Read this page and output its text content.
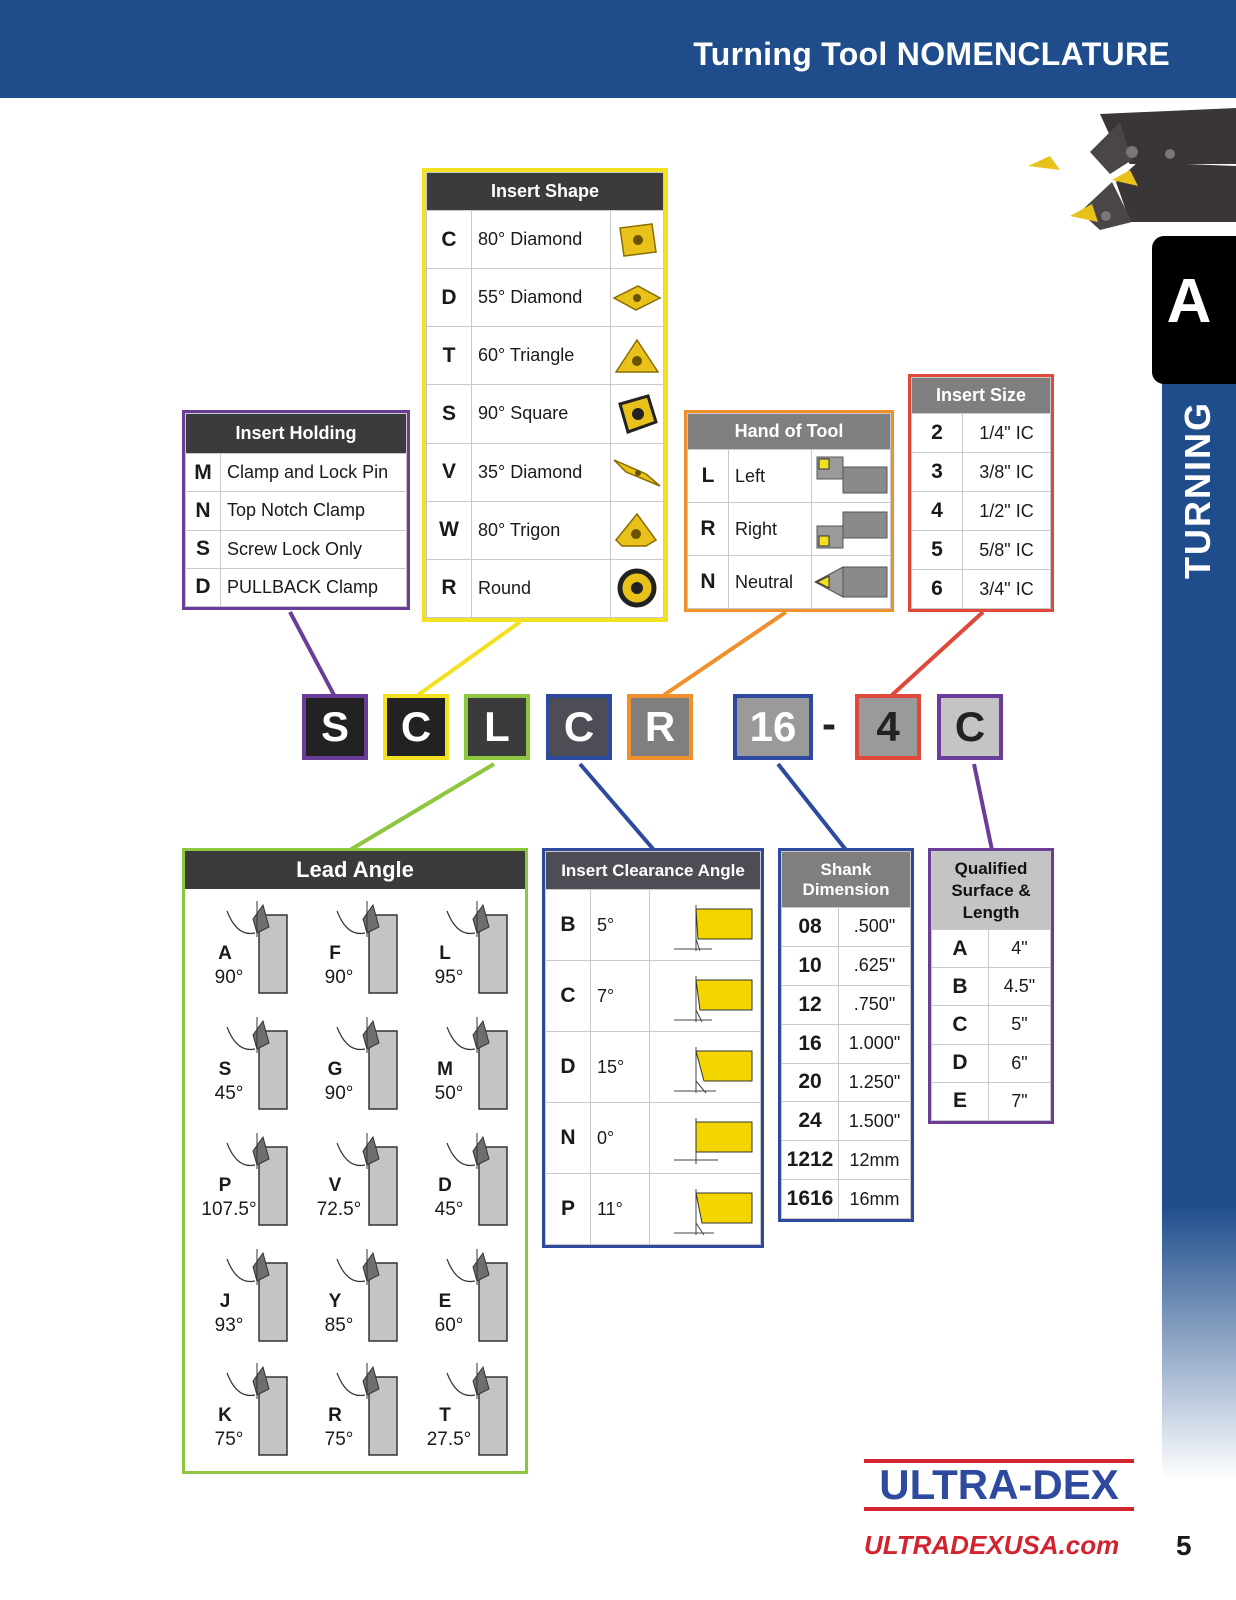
Turning Tool NOMENCLATURE
A
TURNING
Insert Holding	
M	Clamp and Lock Pin
N	Top Notch Clamp
S	Screw Lock Only
D	PULLBACK Clamp
Insert Shape		
C	80° Diamond	

D	55° Diamond	

T	60° Triangle	

S	90° Square	

V	35° Diamond	

W	80° Trigon	

R	Round	
Hand of Tool		
L	Left	

R	Right	

N	Neutral	
Insert Size	
2	1/4" IC
3	3/8" IC
4	1/2" IC
5	5/8" IC
6	3/4" IC
S	C	L	C	R	16 - 4	C
Lead Angle
A
90°
F
90°
L
95°
S
45°
G
90°
M
50°
P
107.5°
V
72.5°
D
45°
J
93°
Y
85°
E
60°
K
75°
R
75°
T
27.5°
Insert Clearance Angle		
B	5°	

C	7°	

D	15°	

N	0°	

P	11°	
Shank
Dimension	
08	.500"
10	.625"
12	.750"
16	1.000"
20	1.250"
24	1.500"
1212	12mm
1616	16mm
Qualified
Surface &
Length	
A	4"
B	4.5"
C	5"
D	6"
E	7"
ULTRA-DEX
ULTRADEXUSA.com 5
